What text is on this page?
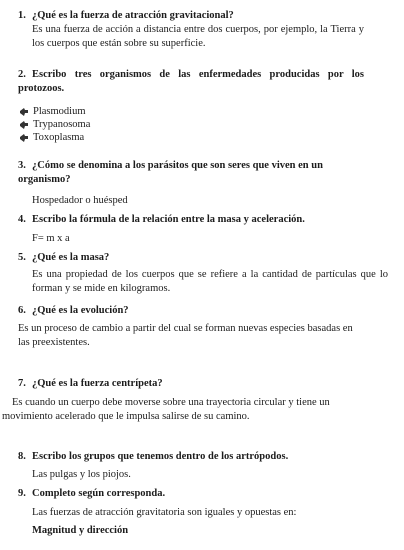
1. ¿Qué es la fuerza de atracción gravitacional?
Es una fuerza de acción a distancia entre dos cuerpos, por ejemplo, la Tierra y los cuerpos que están sobre su superficie.
2. Escribo tres organismos de las enfermedades producidas por los protozoos.
Plasmodium
Trypanosoma
Toxoplasma
3. ¿Cómo se denomina a los parásitos que son seres que viven en un organismo?
Hospedador o huésped
4. Escribo la fórmula de la relación entre la masa y aceleración.
F= m x a
5. ¿Qué es la masa?
Es una propiedad de los cuerpos que se refiere a la cantidad de partículas que lo forman y se mide en kilogramos.
6. ¿Qué es la evolución?
Es un proceso de cambio a partir del cual se forman nuevas especies basadas en las preexistentes.
7. ¿Qué es la fuerza centrípeta?
Es cuando un cuerpo debe moverse sobre una trayectoria circular y tiene un movimiento acelerado que le impulsa salirse de su camino.
8. Escribo los grupos que tenemos dentro de los artrópodos.
Las pulgas y los piojos.
9. Completo según corresponda.
Las fuerzas de atracción gravitatoria son iguales y opuestas en:
Magnitud y dirección
